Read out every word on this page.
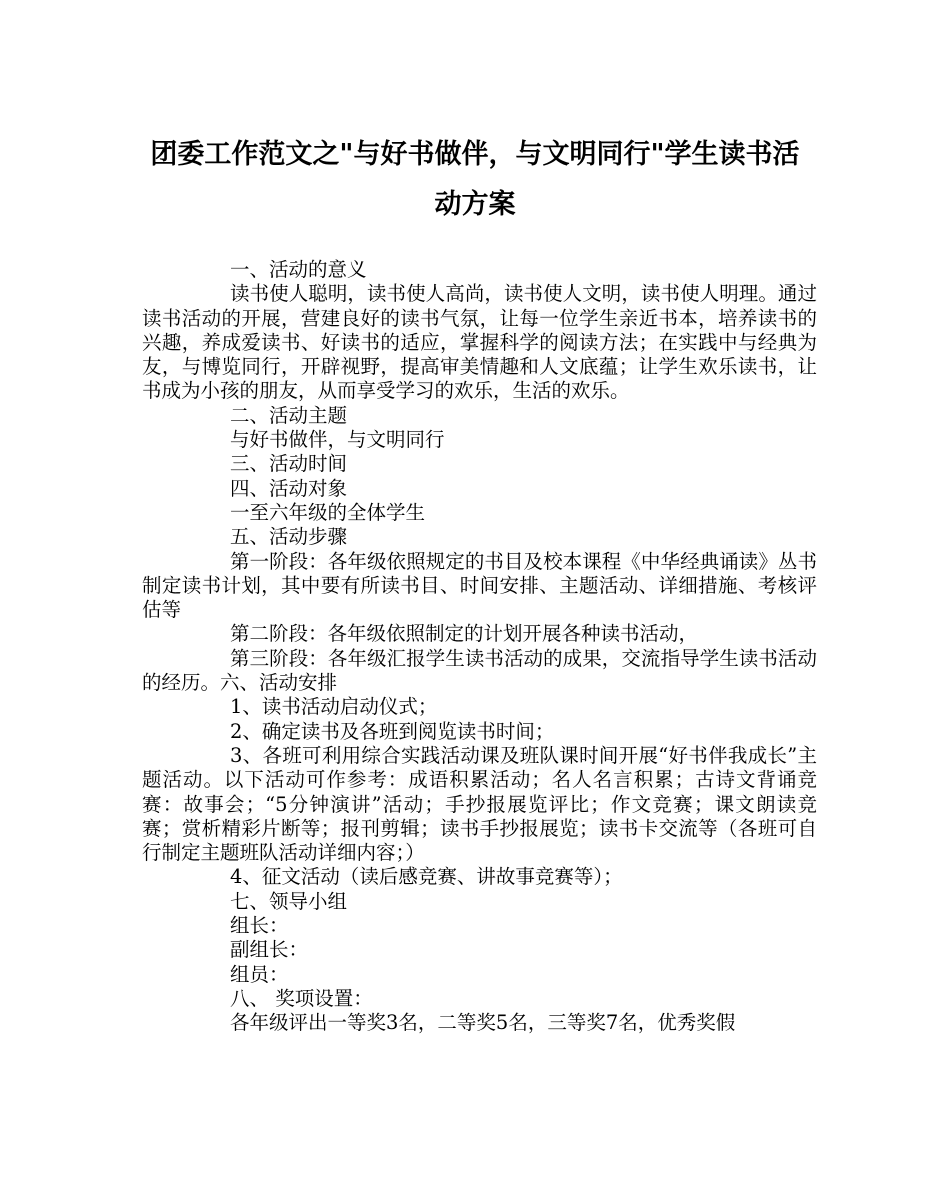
团委工作范文之"与好书做伴，与文明同行"学生读书活
动方案

一、活动的意义

读书使人聪明，读书使人高尚，读书使人文明，读书使人明理。通过读书活动的开展，营建良好的读书气氛，让每一位学生亲近书本，培养读书的兴趣，养成爱读书、好读书的适应，掌握科学的阅读方法；在实践中与经典为友，与博览同行，开辟视野，提高审美情趣和人文底蕴；让学生欢乐读书，让书成为小孩的朋友，从而享受学习的欢乐，生活的欢乐。

二、活动主题

与好书做伴，与文明同行

三、活动时间

四、活动对象

一至六年级的全体学生

五、活动步骤

第一阶段：各年级依照规定的书目及校本课程《中华经典诵读》丛书制定读书计划，其中要有所读书目、时间安排、主题活动、详细措施、考核评估等

第二阶段：各年级依照制定的计划开展各种读书活动，

第三阶段：各年级汇报学生读书活动的成果，交流指导学生读书活动的经历。六、活动安排

1、读书活动启动仪式；

2、确定读书及各班到阅览读书时间；

3、各班可利用综合实践活动课及班队课时间开展“好书伴我成长”主题活动。以下活动可作参考：成语积累活动；名人名言积累；古诗文背诵竞赛：故事会；“5分钟演讲”活动；手抄报展览评比；作文竞赛；课文朗读竞赛；赏析精彩片断等；报刊剪辑；读书手抄报展览；读书卡交流等（各班可自行制定主题班队活动详细内容；）

4、征文活动（读后感竞赛、讲故事竞赛等）；

七、领导小组

组长：

副组长：

组员：

八、 奖项设置：

各年级评出一等奖3名，二等奖5名，三等奖7名，优秀奖假
